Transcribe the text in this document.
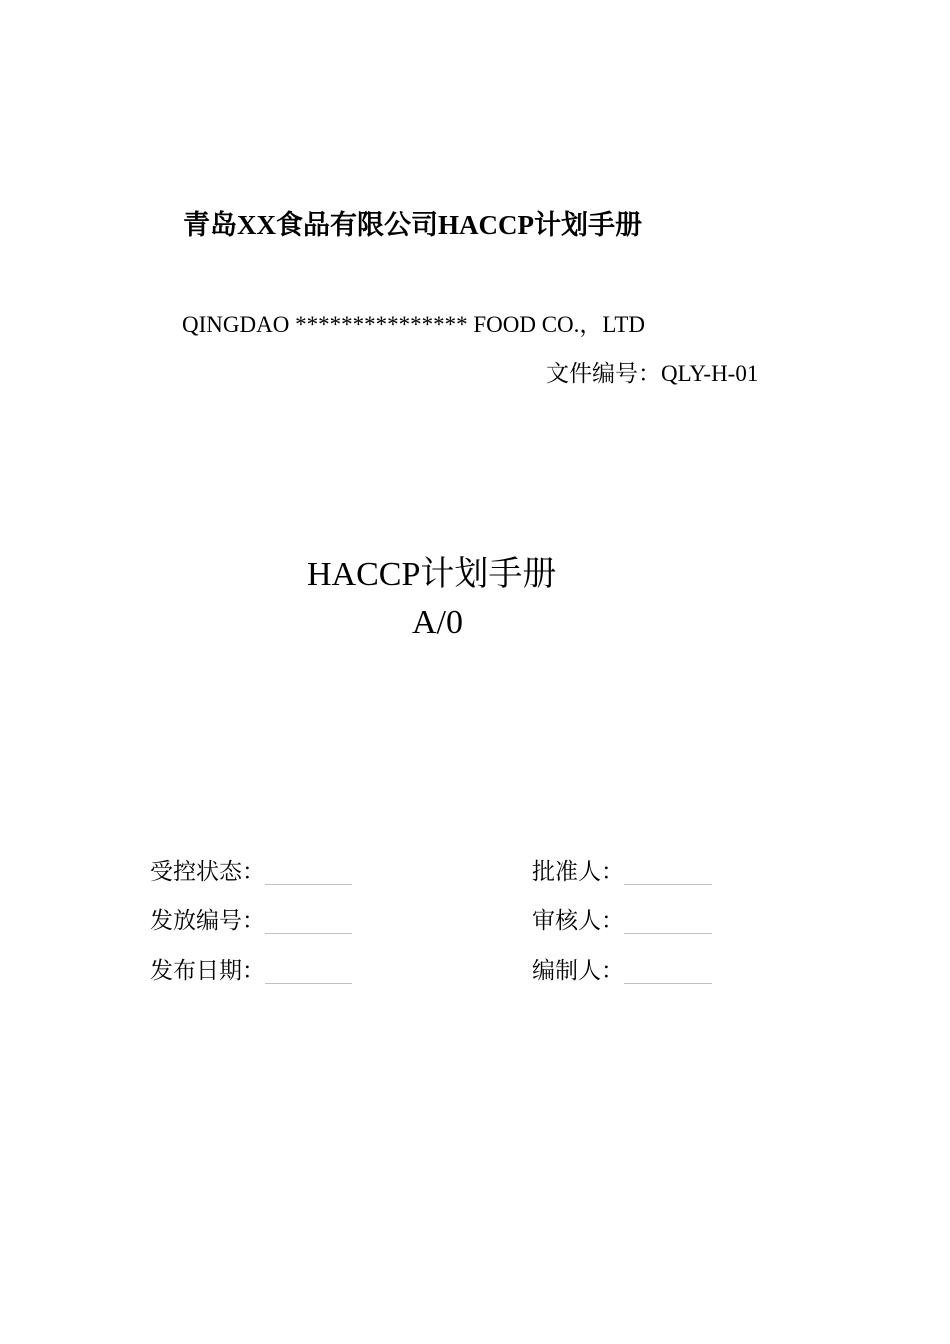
青岛XX食品有限公司HACCP计划手册
QINGDAO *************** FOOD CO.，LTD
文件编号：QLY-H-01
HACCP计划手册
A/0
受控状态：
发放编号：
发布日期：
批准人：
审核人：
编制人：
